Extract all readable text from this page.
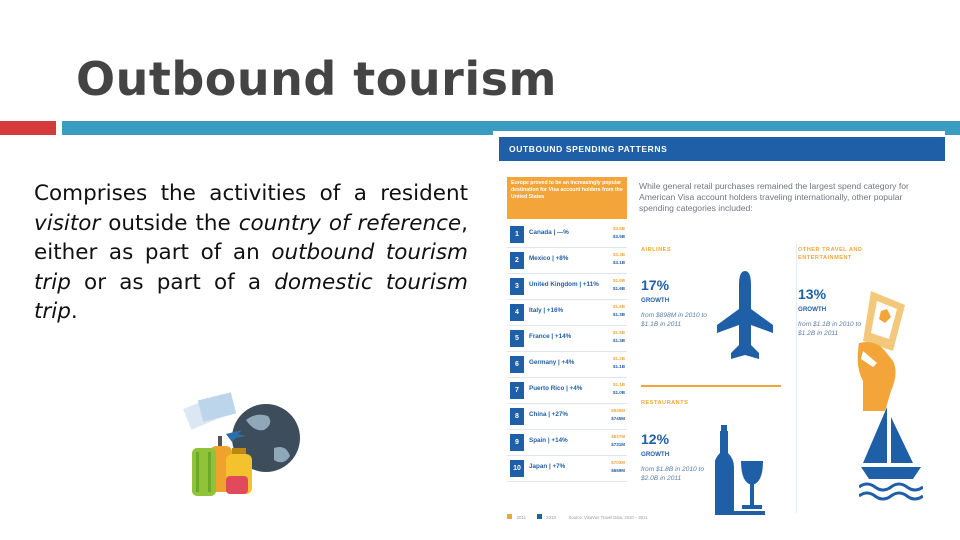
Outbound tourism

Comprises the activities of a resident visitor outside the country of reference, either as part of an outbound tourism trip or as part of a domestic tourism trip.

OUTBOUND SPENDING PATTERNS
Europe proved to be an increasingly popular destination for Visa account holders from the United States
1	Canada | —%
$3.5B
$3.5B
2	Mexico | +8%
$3.3B
$3.1B
3	United Kingdom | +11%
$1.9B
$1.6B
4	Italy | +16%
$1.6B
$1.3B
5	France | +14%
$1.5B
$1.3B
6	Germany | +4%
$1.2B
$1.1B
7	Puerto Rico | +4%
$1.1B
$1.0B
8	China | +27%
$945M
$745M
9	Spain | +14%
$837M
$731M
10	Japan | +7%
$703M
$659M
2011	2010	Source: VisaVue Travel Data, 2010 – 2011
While general retail purchases remained the largest spend category for American Visa account holders traveling internationally, other popular spending categories included:
AIRLINES
17%
GROWTH
from $898M in 2010 to $1.1B in 2011
RESTAURANTS
12%
GROWTH
from $1.8B in 2010 to $2.0B in 2011
OTHER TRAVEL AND ENTERTAINMENT
13%
GROWTH
from $1.1B in 2010 to $1.2B in 2011
